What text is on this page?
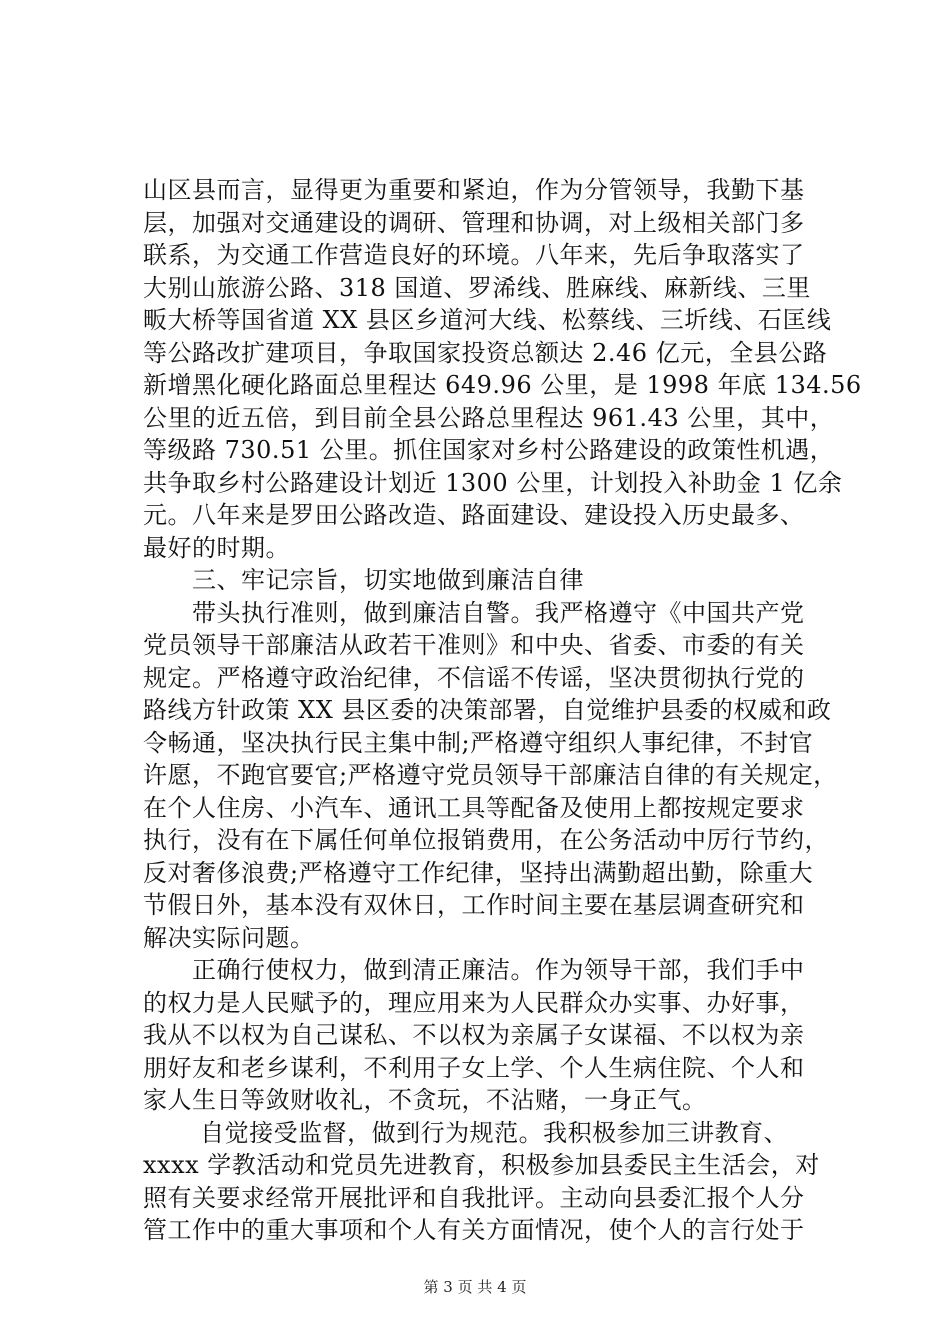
山区县而言，显得更为重要和紧迫，作为分管领导，我勤下基
层，加强对交通建设的调研、管理和协调，对上级相关部门多
联系，为交通工作营造良好的环境。八年来，先后争取落实了
大别山旅游公路、318 国道、罗浠线、胜麻线、麻新线、三里
畈大桥等国省道 XX 县区乡道河大线、松蔡线、三圻线、石匡线
等公路改扩建项目，争取国家投资总额达 2.46 亿元，全县公路
新增黑化硬化路面总里程达 649.96 公里，是 1998 年底 134.56
公里的近五倍，到目前全县公路总里程达 961.43 公里，其中，
等级路 730.51 公里。抓住国家对乡村公路建设的政策性机遇，
共争取乡村公路建设计划近 1300 公里，计划投入补助金 1 亿余
元。八年来是罗田公路改造、路面建设、建设投入历史最多、
最好的时期。
　　三、牢记宗旨，切实地做到廉洁自律
　　带头执行准则，做到廉洁自警。我严格遵守《中国共产党
党员领导干部廉洁从政若干准则》和中央、省委、市委的有关
规定。严格遵守政治纪律，不信谣不传谣，坚决贯彻执行党的
路线方针政策 XX 县区委的决策部署，自觉维护县委的权威和政
令畅通，坚决执行民主集中制;严格遵守组织人事纪律，不封官
许愿，不跑官要官;严格遵守党员领导干部廉洁自律的有关规定，
在个人住房、小汽车、通讯工具等配备及使用上都按规定要求
执行，没有在下属任何单位报销费用，在公务活动中厉行节约，
反对奢侈浪费;严格遵守工作纪律，坚持出满勤超出勤，除重大
节假日外，基本没有双休日，工作时间主要在基层调查研究和
解决实际问题。
　　正确行使权力，做到清正廉洁。作为领导干部，我们手中
的权力是人民赋予的，理应用来为人民群众办实事、办好事，
我从不以权为自己谋私、不以权为亲属子女谋福、不以权为亲
朋好友和老乡谋利，不利用子女上学、个人生病住院、个人和
家人生日等敛财收礼，不贪玩，不沾赌，一身正气。
　　 自觉接受监督，做到行为规范。我积极参加三讲教育、
xxxx 学教活动和党员先进教育，积极参加县委民主生活会，对
照有关要求经常开展批评和自我批评。主动向县委汇报个人分
管工作中的重大事项和个人有关方面情况，使个人的言行处于
第 3 页 共 4 页
